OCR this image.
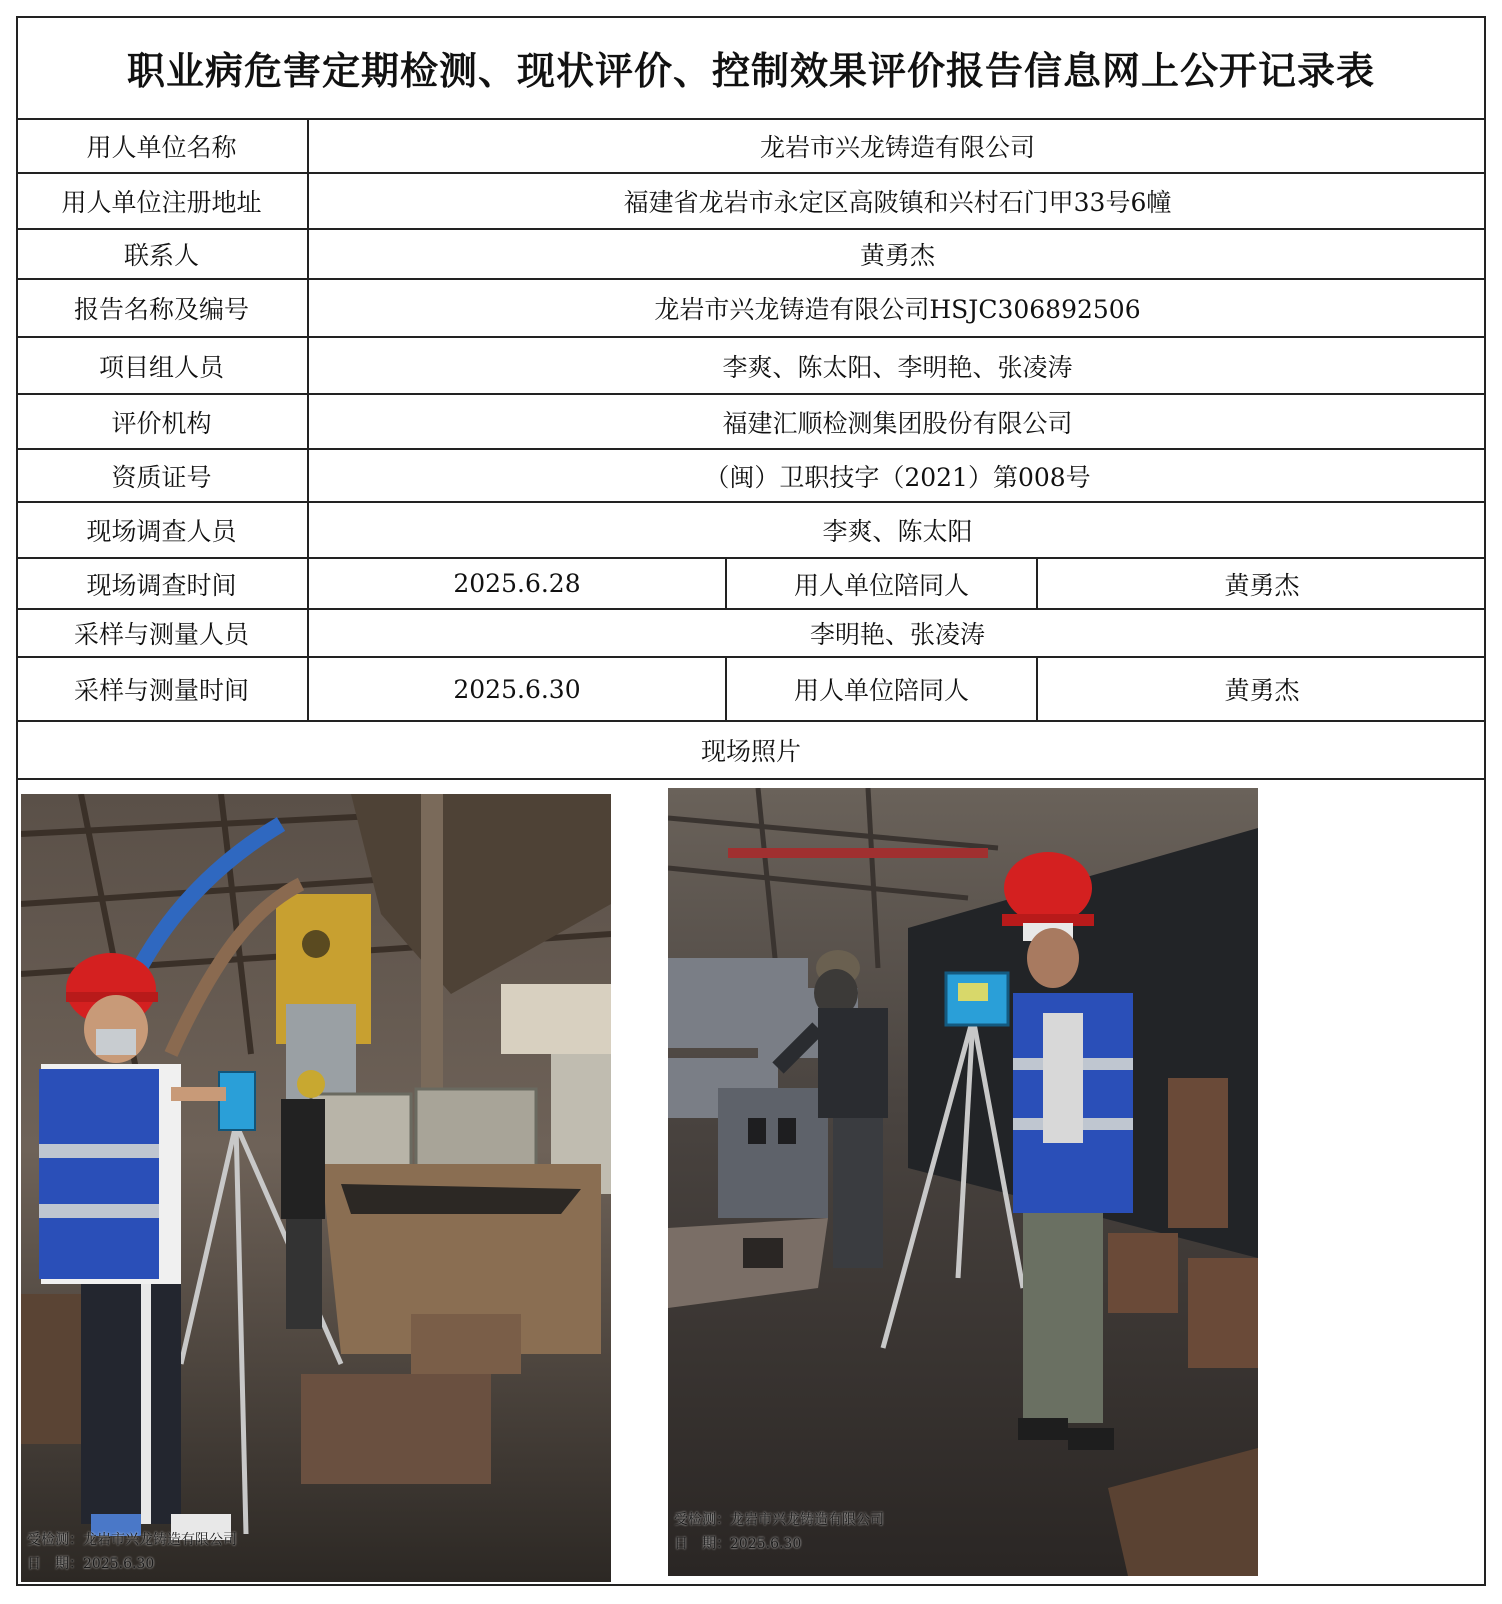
职业病危害定期检测、现状评价、控制效果评价报告信息网上公开记录表
用人单位名称	龙岩市兴龙铸造有限公司
用人单位注册地址	福建省龙岩市永定区高陂镇和兴村石门甲33号6幢
联系人	黄勇杰
报告名称及编号	龙岩市兴龙铸造有限公司HSJC306892506
项目组人员	李爽、陈太阳、李明艳、张凌涛
评价机构	福建汇顺检测集团股份有限公司
资质证号	（闽）卫职技字（2021）第008号
现场调查人员	李爽、陈太阳
现场调查时间	2025.6.28	用人单位陪同人	黄勇杰
采样与测量人员	李明艳、张凌涛
采样与测量时间	2025.6.30	用人单位陪同人	黄勇杰
现场照片
受检测：龙岩市兴龙铸造有限公司
日　期：2025.6.30
受检测：龙岩市兴龙铸造有限公司
日　期：2025.6.30
